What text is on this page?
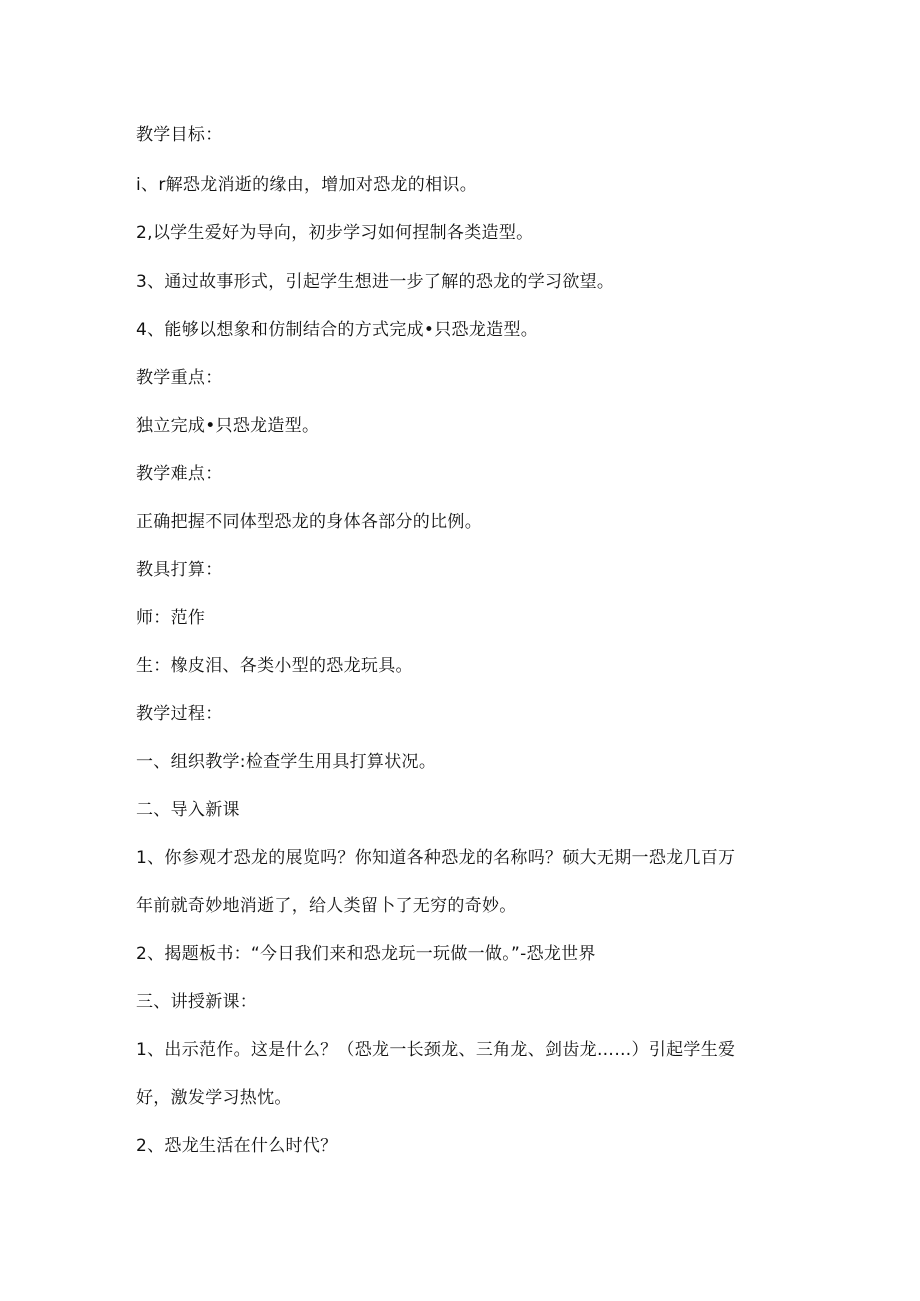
教学目标：
i、r解恐龙消逝的缘由，增加对恐龙的相识。
2,以学生爱好为导向，初步学习如何捏制各类造型。
3、通过故事形式，引起学生想进一步了解的恐龙的学习欲望。
4、能够以想象和仿制结合的方式完成•只恐龙造型。
教学重点：
独立完成•只恐龙造型。
教学难点：
正确把握不同体型恐龙的身体各部分的比例。
教具打算：
师：范作
生：橡皮泪、各类小型的恐龙玩具。
教学过程：
一、组织教学:检查学生用具打算状况。
二、导入新课
1、你参观才恐龙的展览吗？你知道各种恐龙的名称吗？硕大无期一恐龙几百万
年前就奇妙地消逝了，给人类留卜了无穷的奇妙。
2、揭题板书：“今日我们来和恐龙玩一玩做一做。”-恐龙世界
三、讲授新课：
1、出示范作。这是什么？（恐龙一长颈龙、三角龙、剑齿龙……）引起学生爱
好，激发学习热忱。
2、恐龙生活在什么时代？
